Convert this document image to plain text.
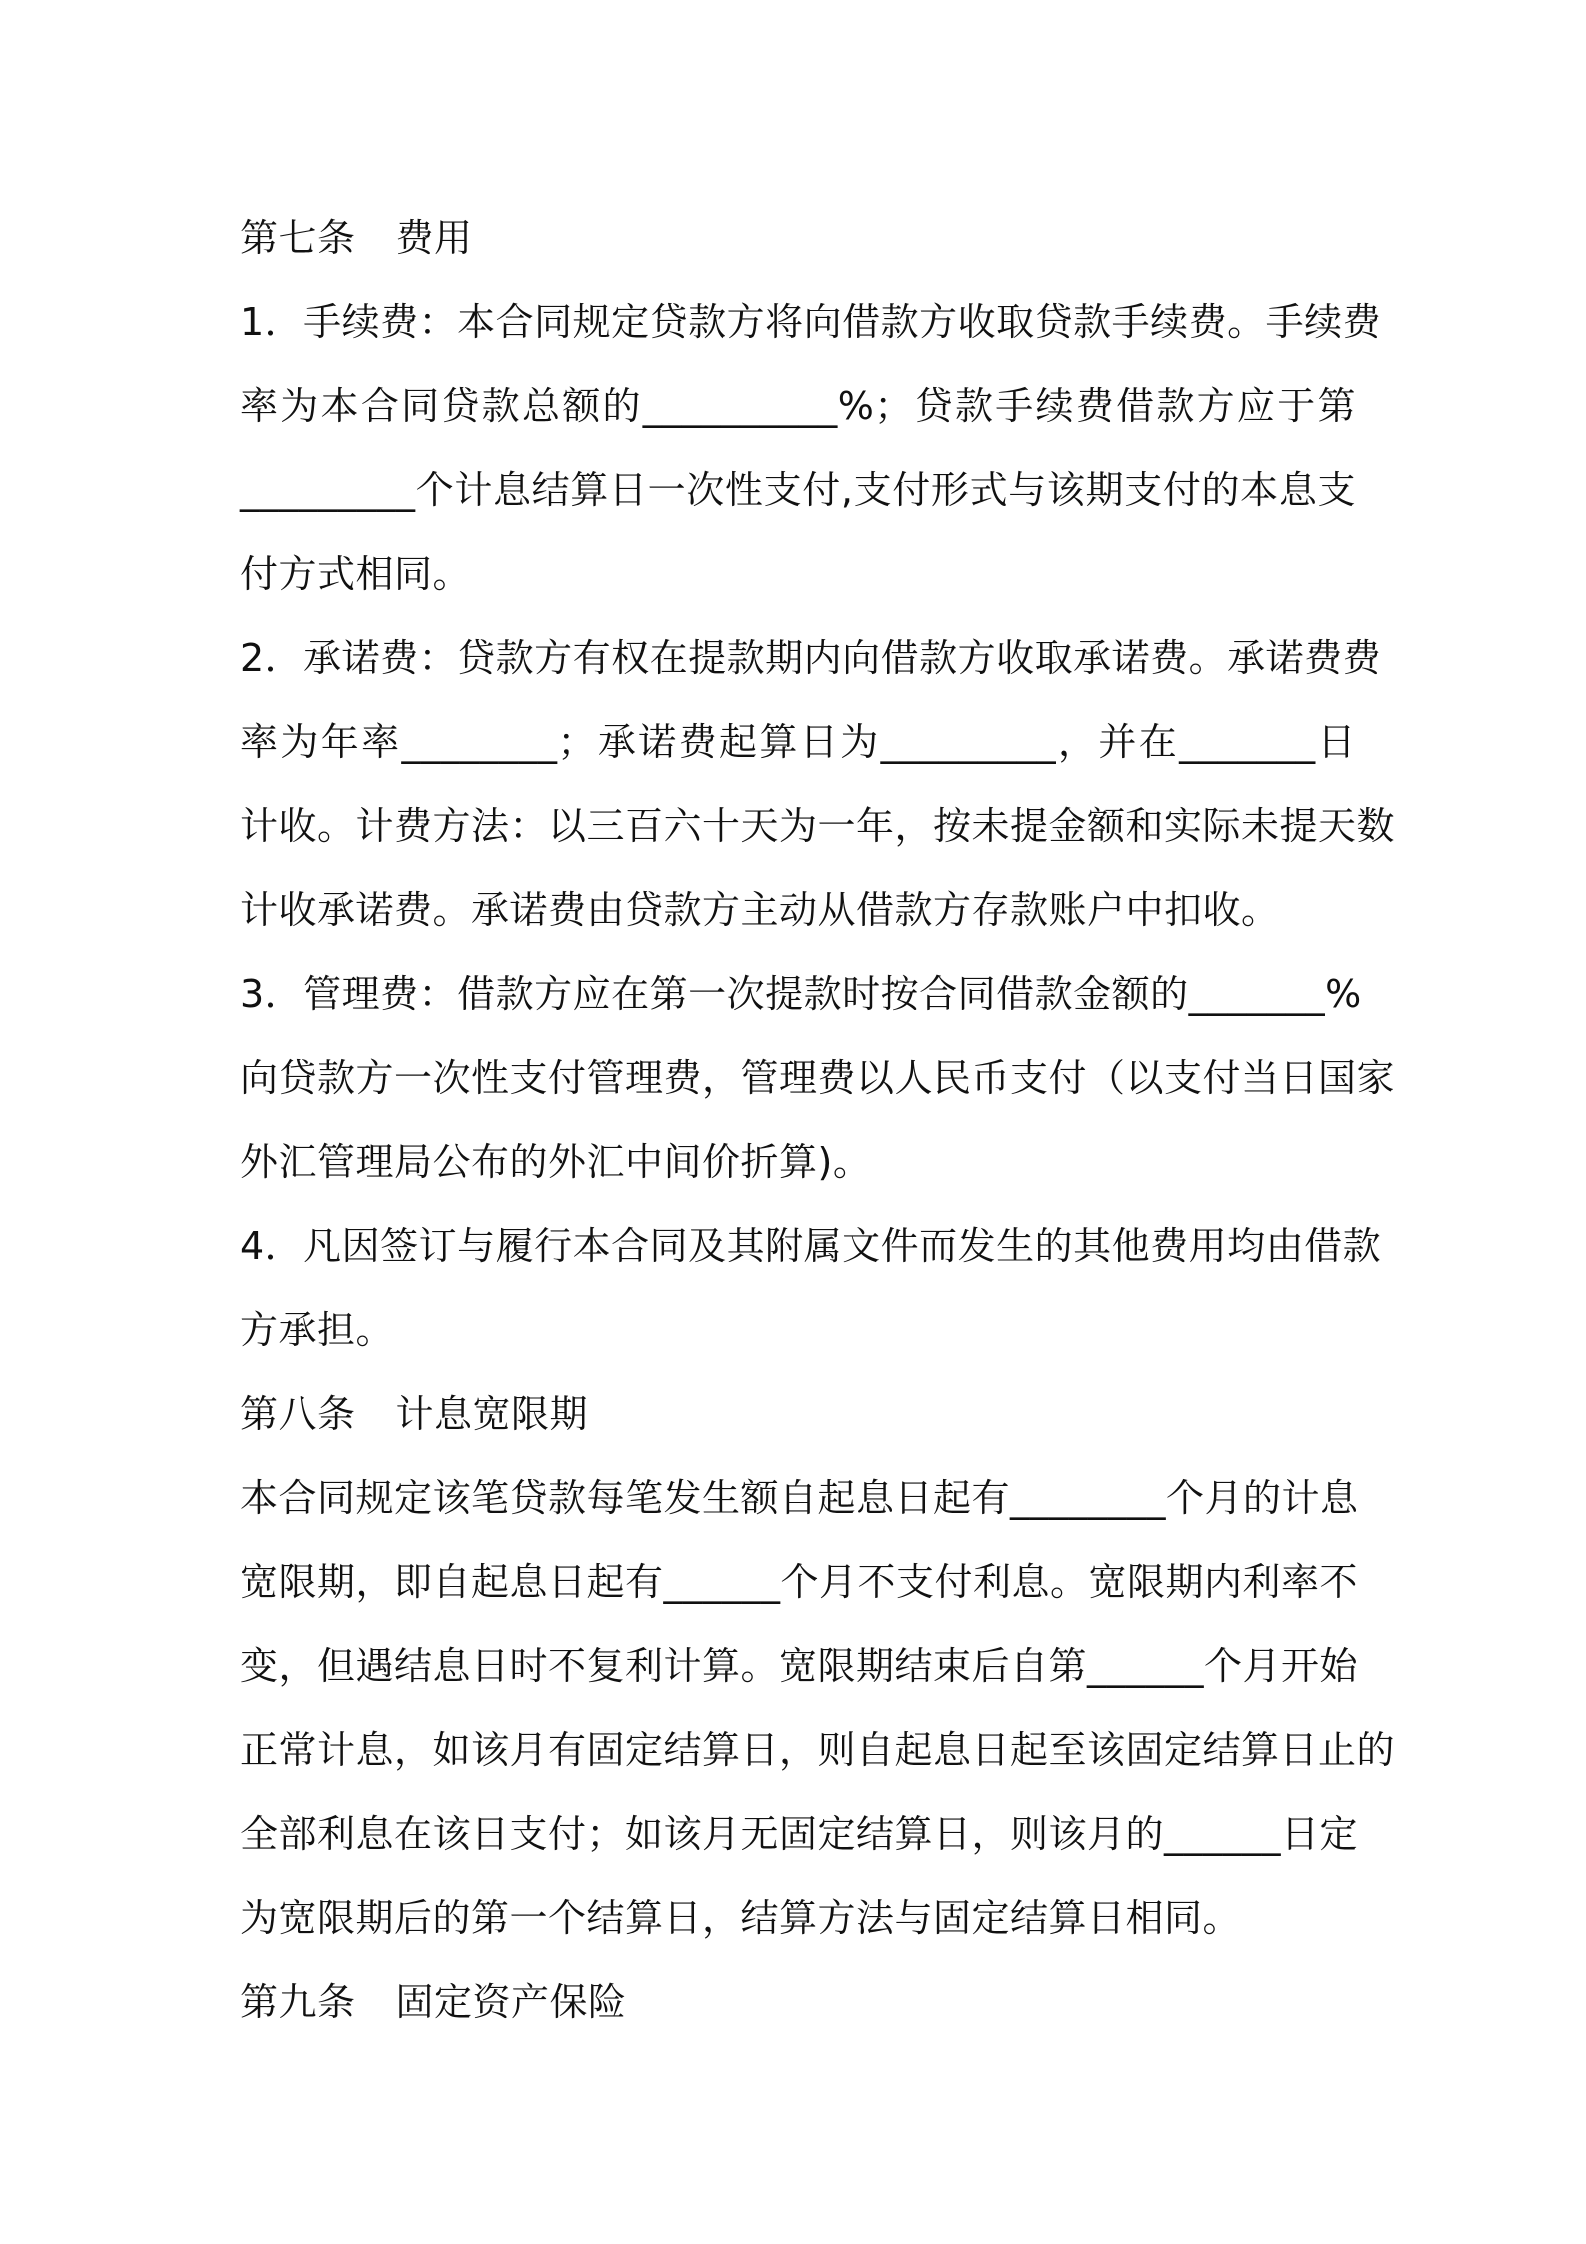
第七条 费用
1．手续费：本合同规定贷款方将向借款方收取贷款手续费。手续费
率为本合同贷款总额的__________%；贷款手续费借款方应于第
_________个计息结算日一次性支付,支付形式与该期支付的本息支
付方式相同。
2．承诺费：贷款方有权在提款期内向借款方收取承诺费。承诺费费
率为年率________；承诺费起算日为_________，并在_______日
计收。计费方法：以三百六十天为一年，按未提金额和实际未提天数
计收承诺费。承诺费由贷款方主动从借款方存款账户中扣收。
3．管理费：借款方应在第一次提款时按合同借款金额的_______%
向贷款方一次性支付管理费，管理费以人民币支付（以支付当日国家
外汇管理局公布的外汇中间价折算)。
4．凡因签订与履行本合同及其附属文件而发生的其他费用均由借款
方承担。
第八条 计息宽限期
本合同规定该笔贷款每笔发生额自起息日起有________个月的计息
宽限期，即自起息日起有______个月不支付利息。宽限期内利率不
变，但遇结息日时不复利计算。宽限期结束后自第______个月开始
正常计息，如该月有固定结算日，则自起息日起至该固定结算日止的
全部利息在该日支付；如该月无固定结算日，则该月的______日定
为宽限期后的第一个结算日，结算方法与固定结算日相同。
第九条 固定资产保险
